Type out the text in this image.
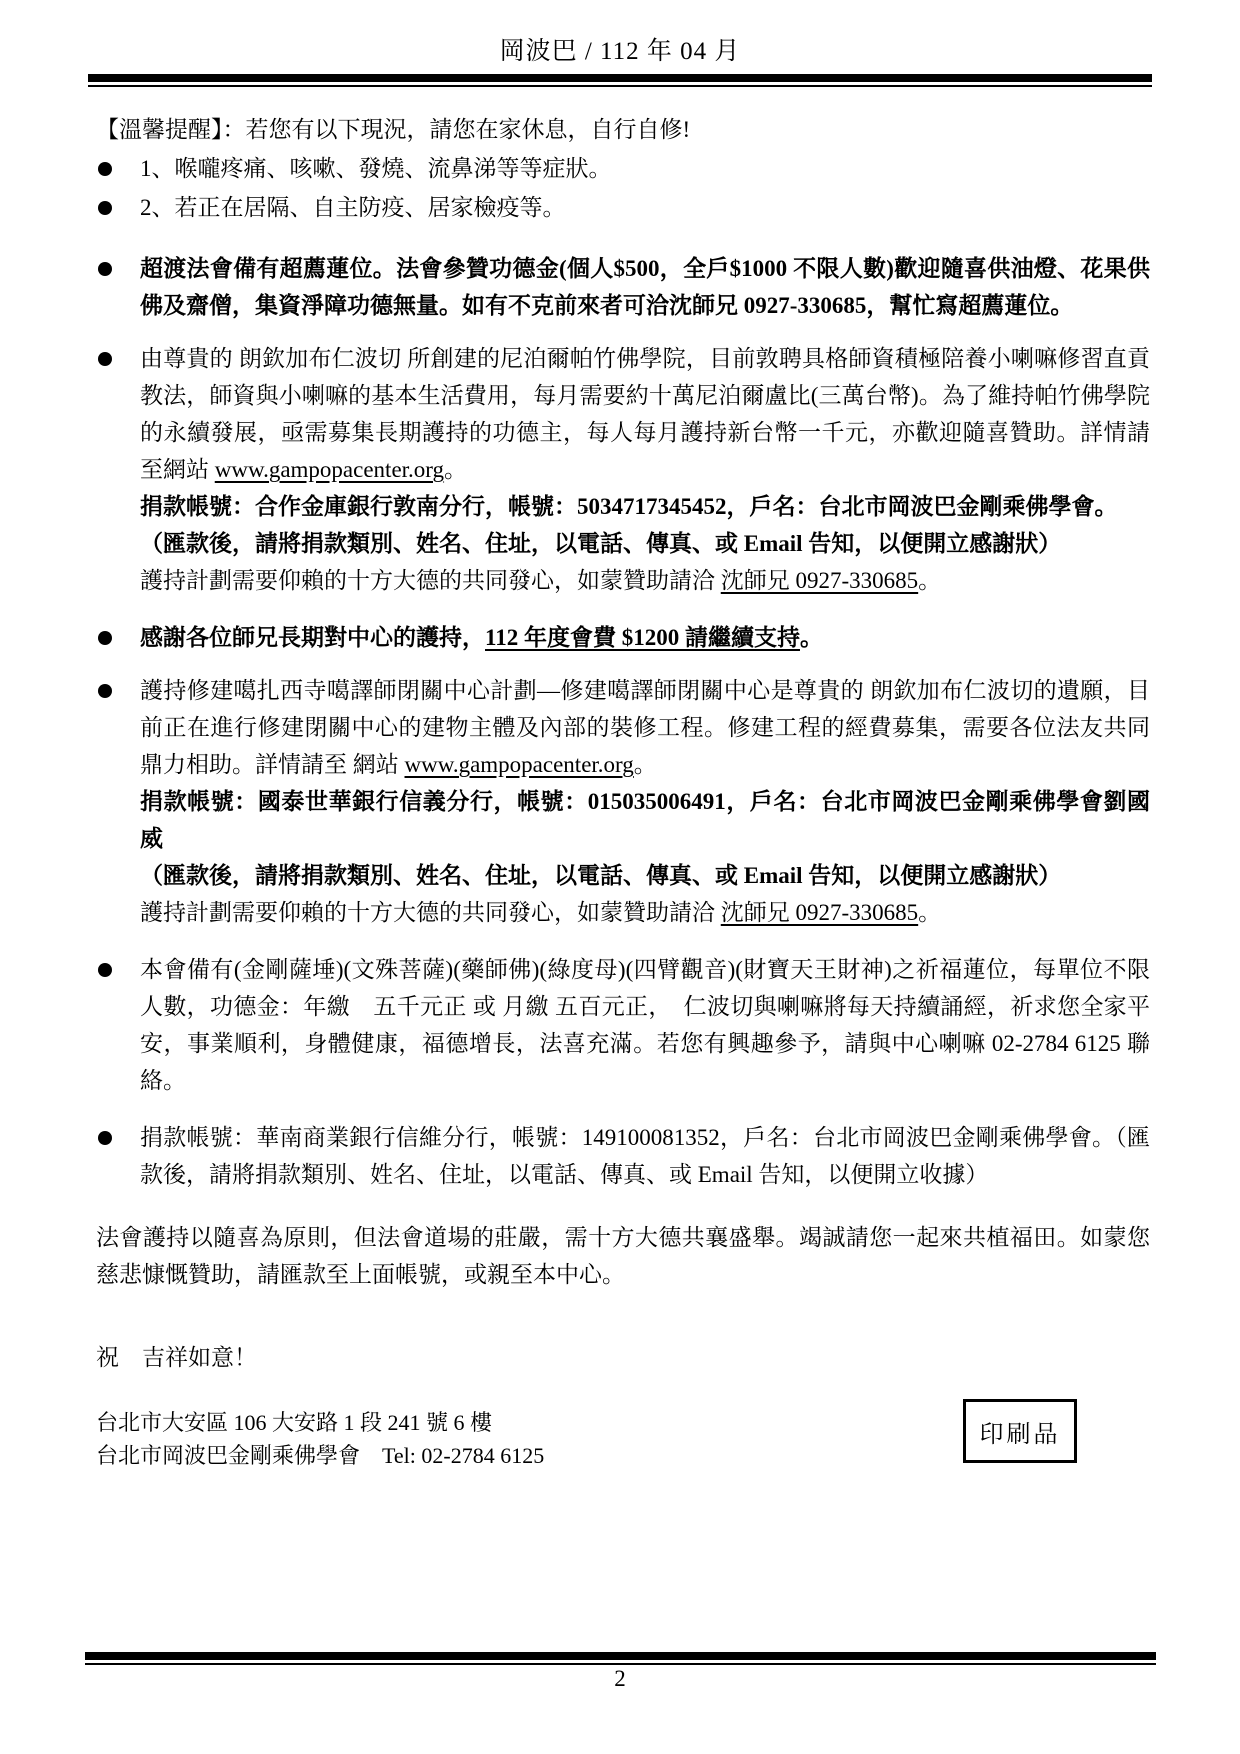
岡波巴 / 112 年 04 月
【溫馨提醒】：若您有以下現況，請您在家休息，自行自修!
1、喉嚨疼痛、咳嗽、發燒、流鼻涕等等症狀。
2、若正在居隔、自主防疫、居家檢疫等。
超渡法會備有超薦蓮位。法會參贊功德金(個人$500，全戶$1000 不限人數)歡迎隨喜供油燈、花果供佛及齋僧，集資淨障功德無量。如有不克前來者可洽沈師兄 0927-330685，幫忙寫超薦蓮位。
由尊貴的 朗欽加布仁波切 所創建的尼泊爾帕竹佛學院，目前敦聘具格師資積極陪養小喇嘛修習直貢教法，師資與小喇嘛的基本生活費用，每月需要約十萬尼泊爾盧比(三萬台幣)。為了維持帕竹佛學院的永續發展，亟需募集長期護持的功德主，每人每月護持新台幣一千元，亦歡迎隨喜贊助。詳情請至網站 www.gampopacenter.org。
捐款帳號：合作金庫銀行敦南分行，帳號：5034717345452，戶名：台北市岡波巴金剛乘佛學會。
（匯款後，請將捐款類別、姓名、住址，以電話、傳真、或 Email 告知，以便開立感謝狀）
護持計劃需要仰賴的十方大德的共同發心，如蒙贊助請洽 沈師兄 0927-330685。
感謝各位師兄長期對中心的護持，112 年度會費 $1200 請繼續支持。
護持修建噶扎西寺噶譯師閉關中心計劃—修建噶譯師閉關中心是尊貴的 朗欽加布仁波切的遺願，目前正在進行修建閉關中心的建物主體及內部的裝修工程。修建工程的經費募集，需要各位法友共同鼎力相助。詳情請至 網站 www.gampopacenter.org。
捐款帳號：國泰世華銀行信義分行，帳號：015035006491，戶名：台北市岡波巴金剛乘佛學會劉國威
（匯款後，請將捐款類別、姓名、住址，以電話、傳真、或 Email 告知，以便開立感謝狀）
護持計劃需要仰賴的十方大德的共同發心，如蒙贊助請洽 沈師兄 0927-330685。
本會備有(金剛薩埵)(文殊菩薩)(藥師佛)(綠度母)(四臂觀音)(財寶天王財神)之祈福蓮位，每單位不限人數，功德金：年繳　五千元正 或 月繳 五百元正，　仁波切與喇嘛將每天持續誦經，祈求您全家平安，事業順利，身體健康，福德增長，法喜充滿。若您有興趣參予，請與中心喇嘛 02-2784 6125 聯絡。
捐款帳號：華南商業銀行信維分行，帳號：149100081352，戶名：台北市岡波巴金剛乘佛學會。（匯款後，請將捐款類別、姓名、住址，以電話、傳真、或 Email 告知，以便開立收據）
法會護持以隨喜為原則，但法會道場的莊嚴，需十方大德共襄盛舉。竭誠請您一起來共植福田。如蒙您慈悲慷慨贊助，請匯款至上面帳號，或親至本中心。
祝　吉祥如意！
台北市大安區 106 大安路 1 段 241 號 6 樓
台北市岡波巴金剛乘佛學會　Tel: 02-2784 6125
印刷品
2
